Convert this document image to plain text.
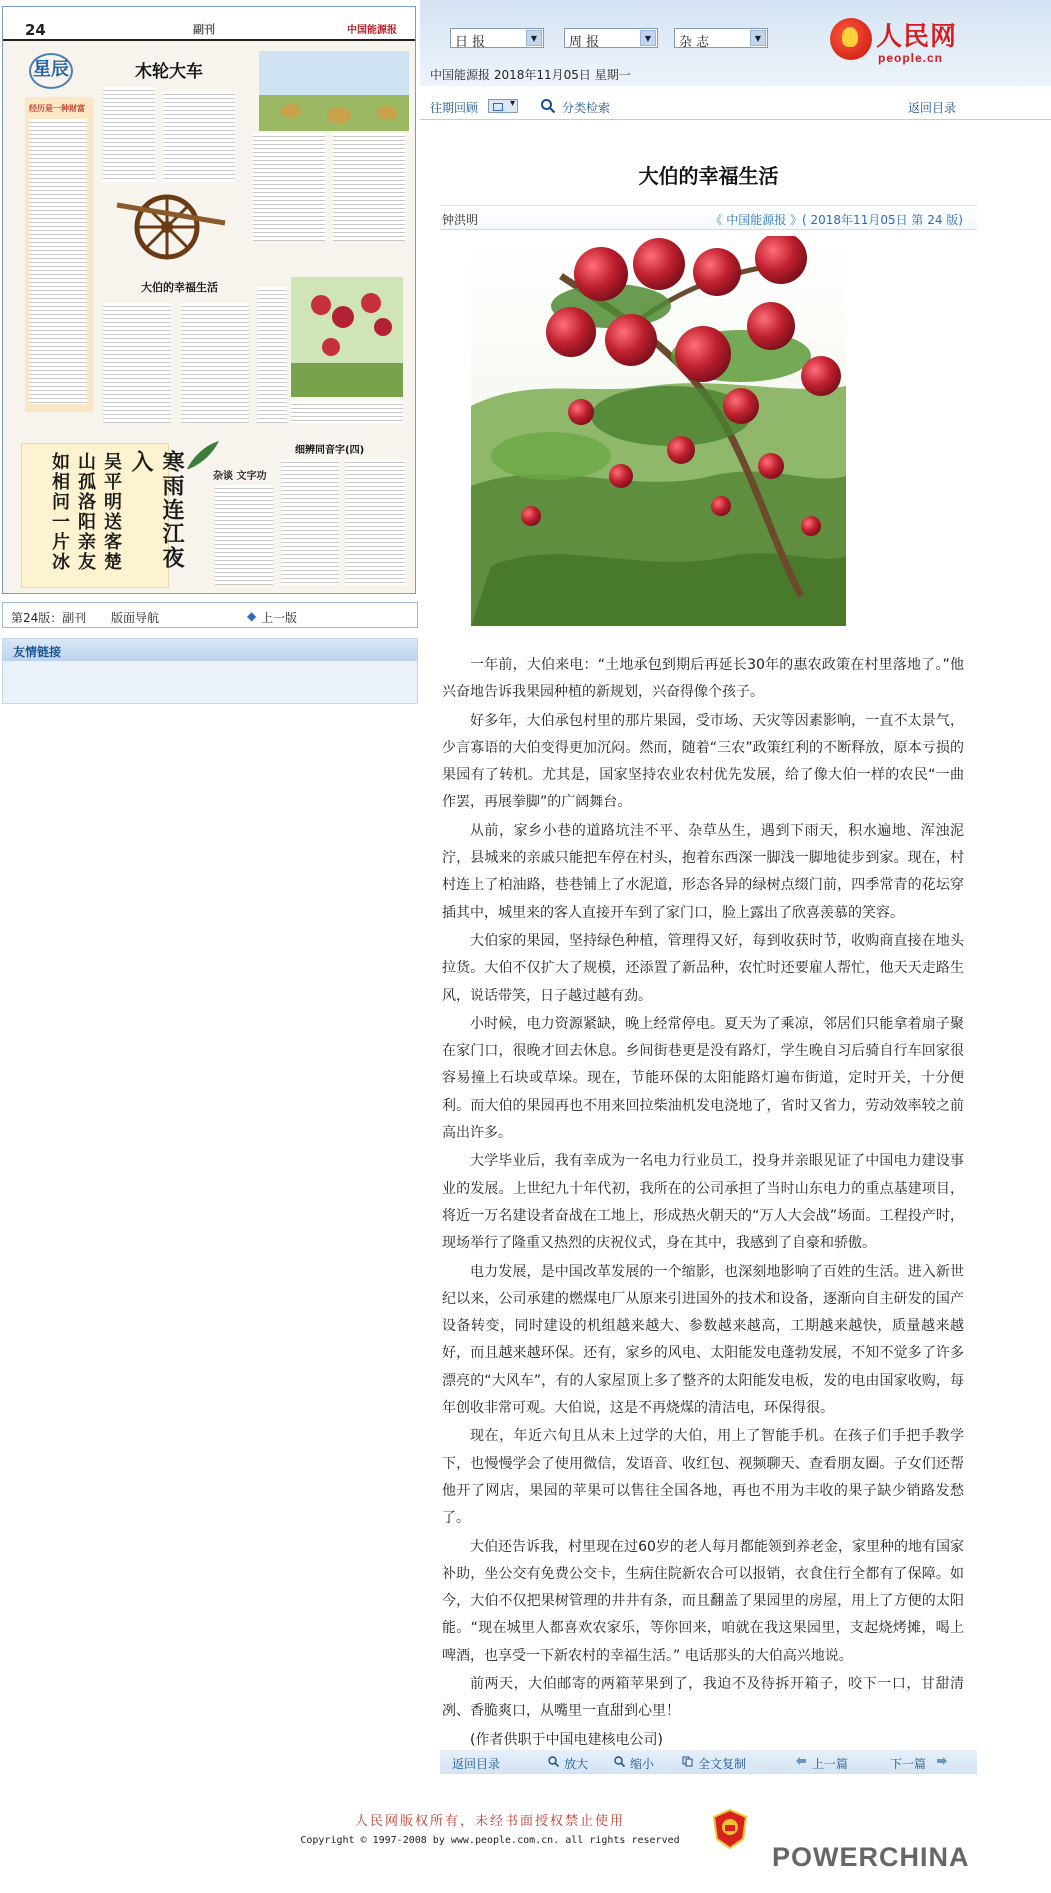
24	副刊	中国能源报
星辰
经历是一种财富
木轮大车
大伯的幸福生活
寒雨连江夜入
吴平明送客楚
山孤洛阳亲友
如相问一片冰	杂谈 文字功
细辨同音字(四)
第24版：副刊 版面导航	◆ 上一版
友情链接
日 报	▼	周 报	▼	杂 志	▼	人民网
people.cn
中国能源报 2018年11月05日 星期一
往期回顾
▾	分类检索	返回目录
大伯的幸福生活
钟洪明	《 中国能源报 》( 2018年11月05日 第 24 版)

一年前，大伯来电：“土地承包到期后再延长30年的惠农政策在村里落地了。”他兴奋地告诉我果园种植的新规划，兴奋得像个孩子。

好多年，大伯承包村里的那片果园，受市场、天灾等因素影响，一直不太景气，少言寡语的大伯变得更加沉闷。然而，随着“三农”政策红利的不断释放，原本亏损的果园有了转机。尤其是，国家坚持农业农村优先发展，给了像大伯一样的农民“一曲作罢，再展拳脚”的广阔舞台。

从前，家乡小巷的道路坑洼不平、杂草丛生，遇到下雨天，积水遍地、浑浊泥泞，县城来的亲戚只能把车停在村头，抱着东西深一脚浅一脚地徒步到家。现在，村村连上了柏油路，巷巷铺上了水泥道，形态各异的绿树点缀门前，四季常青的花坛穿插其中，城里来的客人直接开车到了家门口，脸上露出了欣喜羡慕的笑容。

大伯家的果园，坚持绿色种植，管理得又好，每到收获时节，收购商直接在地头拉货。大伯不仅扩大了规模，还添置了新品种，农忙时还要雇人帮忙，他天天走路生风，说话带笑，日子越过越有劲。

小时候，电力资源紧缺，晚上经常停电。夏天为了乘凉，邻居们只能拿着扇子聚在家门口，很晚才回去休息。乡间街巷更是没有路灯，学生晚自习后骑自行车回家很容易撞上石块或草垛。现在，节能环保的太阳能路灯遍布街道，定时开关，十分便利。而大伯的果园再也不用来回拉柴油机发电浇地了，省时又省力，劳动效率较之前高出许多。

大学毕业后，我有幸成为一名电力行业员工，投身并亲眼见证了中国电力建设事业的发展。上世纪九十年代初，我所在的公司承担了当时山东电力的重点基建项目，将近一万名建设者奋战在工地上，形成热火朝天的“万人大会战”场面。工程投产时，现场举行了隆重又热烈的庆祝仪式，身在其中，我感到了自豪和骄傲。

电力发展，是中国改革发展的一个缩影，也深刻地影响了百姓的生活。进入新世纪以来，公司承建的燃煤电厂从原来引进国外的技术和设备，逐渐向自主研发的国产设备转变，同时建设的机组越来越大、参数越来越高，工期越来越快，质量越来越好，而且越来越环保。还有，家乡的风电、太阳能发电蓬勃发展，不知不觉多了许多漂亮的“大风车”，有的人家屋顶上多了整齐的太阳能发电板，发的电由国家收购，每年创收非常可观。大伯说，这是不再烧煤的清洁电，环保得很。

现在，年近六旬且从未上过学的大伯，用上了智能手机。在孩子们手把手教学下，也慢慢学会了使用微信，发语音、收红包、视频聊天、查看朋友圈。子女们还帮他开了网店，果园的苹果可以售往全国各地，再也不用为丰收的果子缺少销路发愁了。

大伯还告诉我，村里现在过60岁的老人每月都能领到养老金，家里种的地有国家补助，坐公交有免费公交卡，生病住院新农合可以报销，衣食住行全都有了保障。如今，大伯不仅把果树管理的井井有条，而且翻盖了果园里的房屋，用上了方便的太阳能。“现在城里人都喜欢农家乐，等你回来，咱就在我这果园里，支起烧烤摊，喝上啤酒，也享受一下新农村的幸福生活。” 电话那头的大伯高兴地说。

前两天，大伯邮寄的两箱苹果到了，我迫不及待拆开箱子，咬下一口，甘甜清冽、香脆爽口，从嘴里一直甜到心里！

(作者供职于中国电建核电公司)

返回目录	放大	缩小	全文复制	上一篇	下一篇
人民网版权所有，未经书面授权禁止使用
Copyright © 1997-2008 by www.people.com.cn. all rights reserved
POWERCHINA
